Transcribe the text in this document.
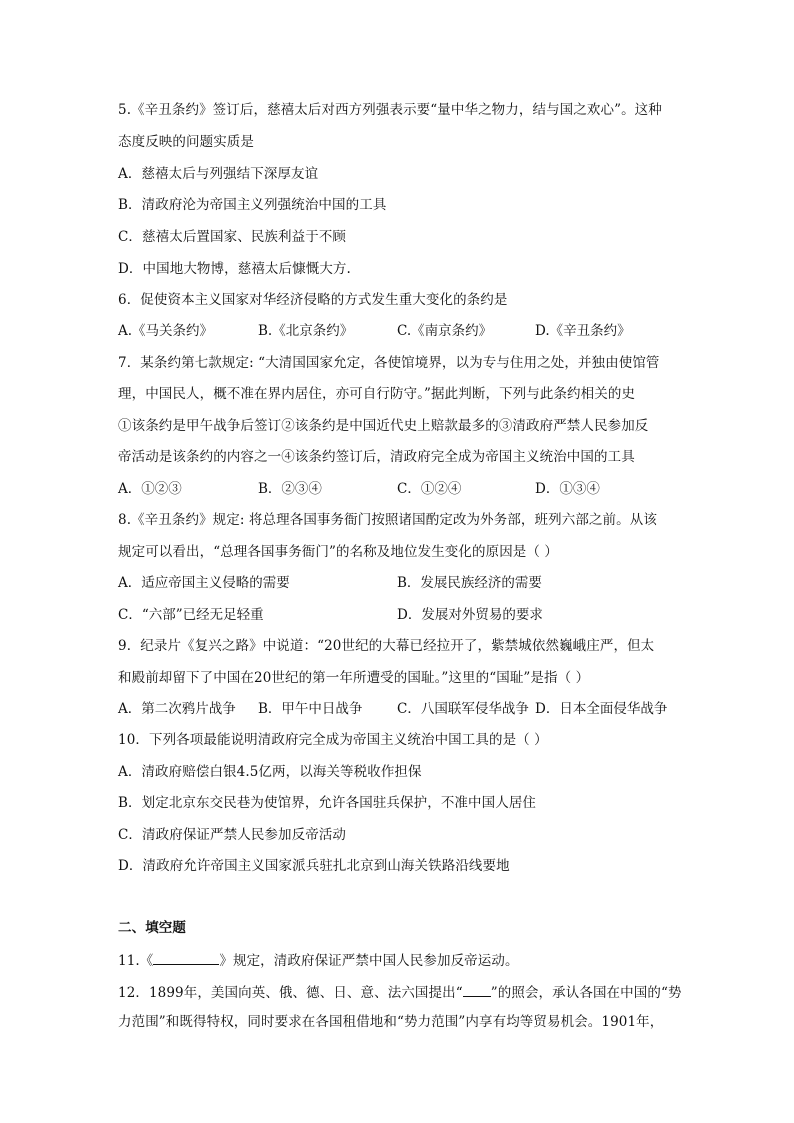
5.《辛丑条约》签订后，慈禧太后对西方列强表示要“量中华之物力，结与国之欢心”。这种
态度反映的问题实质是
A．慈禧太后与列强结下深厚友谊
B．清政府沦为帝国主义列强统治中国的工具
C．慈禧太后置国家、民族利益于不顾
D．中国地大物博，慈禧太后慷慨大方.
6．促使资本主义国家对华经济侵略的方式发生重大变化的条约是
A.《马关条约》	B.《北京条约》	C.《南京条约》	D.《辛丑条约》
7．某条约第七款规定: “大清国国家允定，各使馆境界，以为专与住用之处，并独由使馆管
理，中国民人，概不准在界内居住，亦可自行防守。”据此判断，下列与此条约相关的史
①该条约是甲午战争后签订②该条约是中国近代史上赔款最多的③清政府严禁人民参加反
帝活动是该条约的内容之一④该条约签订后，清政府完全成为帝国主义统治中国的工具
A．①②③	B．②③④	C．①②④	D．①③④
8.《辛丑条约》规定: 将总理各国事务衙门按照诸国酌定改为外务部，班列六部之前。从该
规定可以看出，“总理各国事务衙门”的名称及地位发生变化的原因是（ ）
A．适应帝国主义侵略的需要	B．发展民族经济的需要
C．“六部”已经无足轻重	D．发展对外贸易的要求
9．纪录片《复兴之路》中说道：“20世纪的大幕已经拉开了，紫禁城依然巍峨庄严，但太
和殿前却留下了中国在20世纪的第一年所遭受的国耻。”这里的“国耻”是指（ ）
A．第二次鸦片战争 B．甲午中日战争	C．八国联军侵华战争 D．日本全面侵华战争
10．下列各项最能说明清政府完全成为帝国主义统治中国工具的是（ ）
A．清政府赔偿白银4.5亿两，以海关等税收作担保
B．划定北京东交民巷为使馆界，允许各国驻兵保护，不准中国人居住
C．清政府保证严禁人民参加反帝活动
D．清政府允许帝国主义国家派兵驻扎北京到山海关铁路沿线要地
二、填空题
11.《	》规定，清政府保证严禁中国人民参加反帝运动。
12．1899年，美国向英、俄、德、日、意、法六国提出“ ”的照会，承认各国在中国的“势
力范围”和既得特权，同时要求在各国租借地和“势力范围”内享有均等贸易机会。1901年，
